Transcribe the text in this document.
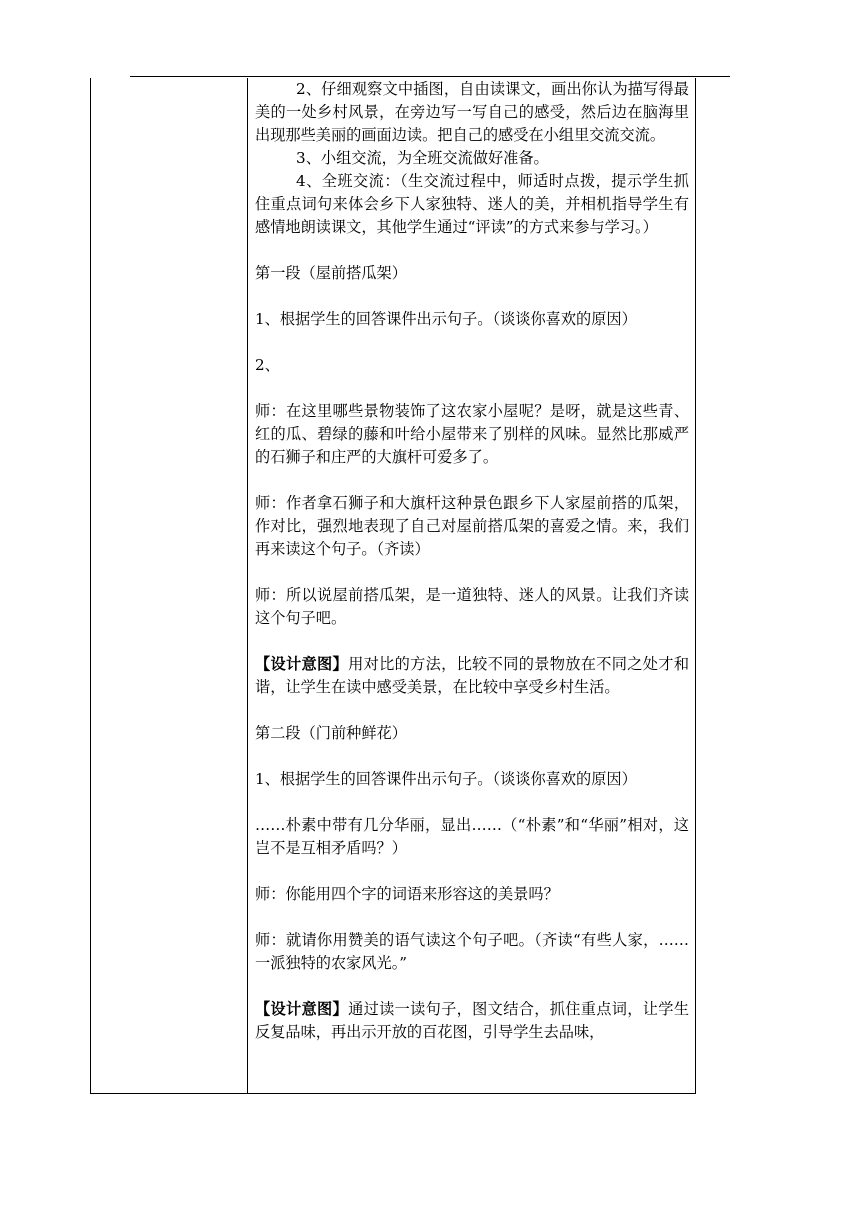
2、仔细观察文中插图，自由读课文，画出你认为描写得最美的一处乡村风景，在旁边写一写自己的感受，然后边在脑海里出现那些美丽的画面边读。把自己的感受在小组里交流交流。

3、小组交流，为全班交流做好准备。

4、全班交流：（生交流过程中，师适时点拨，提示学生抓住重点词句来体会乡下人家独特、迷人的美，并相机指导学生有感情地朗读课文，其他学生通过“评读”的方式来参与学习。）

第一段（屋前搭瓜架）

1、根据学生的回答课件出示句子。（谈谈你喜欢的原因）

2、

师：在这里哪些景物装饰了这农家小屋呢？是呀，就是这些青、红的瓜、碧绿的藤和叶给小屋带来了别样的风味。显然比那威严的石狮子和庄严的大旗杆可爱多了。

师：作者拿石狮子和大旗杆这种景色跟乡下人家屋前搭的瓜架，作对比，强烈地表现了自己对屋前搭瓜架的喜爱之情。来，我们再来读这个句子。（齐读）

师：所以说屋前搭瓜架，是一道独特、迷人的风景。让我们齐读这个句子吧。

【设计意图】用对比的方法，比较不同的景物放在不同之处才和谐，让学生在读中感受美景，在比较中享受乡村生活。

第二段（门前种鲜花）

1、根据学生的回答课件出示句子。（谈谈你喜欢的原因）

……朴素中带有几分华丽，显出……（“朴素”和“华丽”相对，这岂不是互相矛盾吗？）

师：你能用四个字的词语来形容这的美景吗？

师：就请你用赞美的语气读这个句子吧。（齐读“有些人家，……一派独特的农家风光。”

【设计意图】通过读一读句子，图文结合，抓住重点词，让学生反复品味，再出示开放的百花图，引导学生去品味，
